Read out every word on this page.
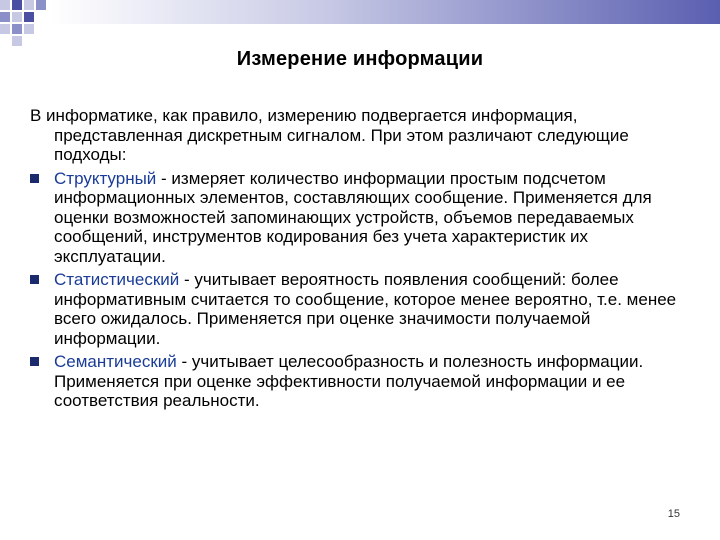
Измерение информации

В информатике, как правило, измерению подвергается информация,
представленная дискретным сигналом. При этом различают следующие подходы:

Структурный - измеряет количество информации простым подсчетом информационных элементов, составляющих сообщение. Применяется для оценки возможностей запоминающих устройств, объемов передаваемых сообщений, инструментов кодирования без учета характеристик их эксплуатации.
Статистический - учитывает вероятность появления сообщений: более информативным считается то сообщение, которое менее вероятно, т.е. менее всего ожидалось. Применяется при оценке значимости получаемой информации.
Семантический - учитывает целесообразность и полезность информации. Применяется при оценке эффективности получаемой информации и ее соответствия реальности.
15
